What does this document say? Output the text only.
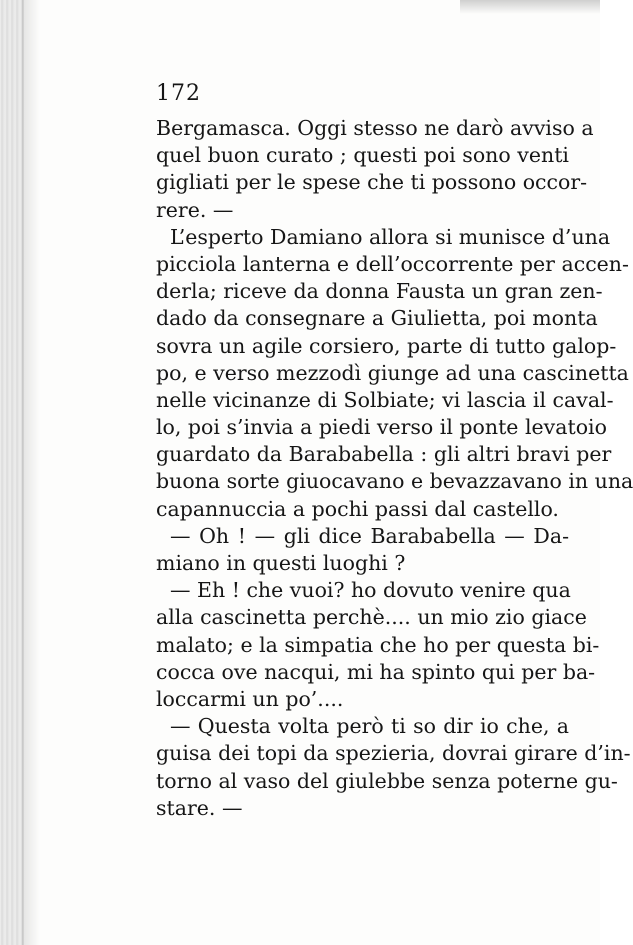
172
Bergamasca. Oggi stesso ne darò avviso a
quel buon curato ; questi poi sono venti
gigliati per le spese che ti possono occor-
rere. —
L’esperto Damiano allora si munisce d’una
picciola lanterna e dell’occorrente per accen-
derla; riceve da donna Fausta un gran zen-
dado da consegnare a Giulietta, poi monta
sovra un agile corsiero, parte di tutto galop-
po, e verso mezzodì giunge ad una cascinetta
nelle vicinanze di Solbiate; vi lascia il caval-
lo, poi s’invia a piedi verso il ponte levatoio
guardato da Barababella : gli altri bravi per
buona sorte giuocavano e bevazzavano in una
capannuccia a pochi passi dal castello.
— Oh ! — gli dice Barababella — Da-
miano in questi luoghi ?
— Eh ! che vuoi? ho dovuto venire qua
alla cascinetta perchè.... un mio zio giace
malato; e la simpatia che ho per questa bi-
cocca ove nacqui, mi ha spinto qui per ba-
loccarmi un po’....
— Questa volta però ti so dir io che, a
guisa dei topi da spezieria, dovrai girare d’in-
torno al vaso del giulebbe senza poterne gu-
stare. —
